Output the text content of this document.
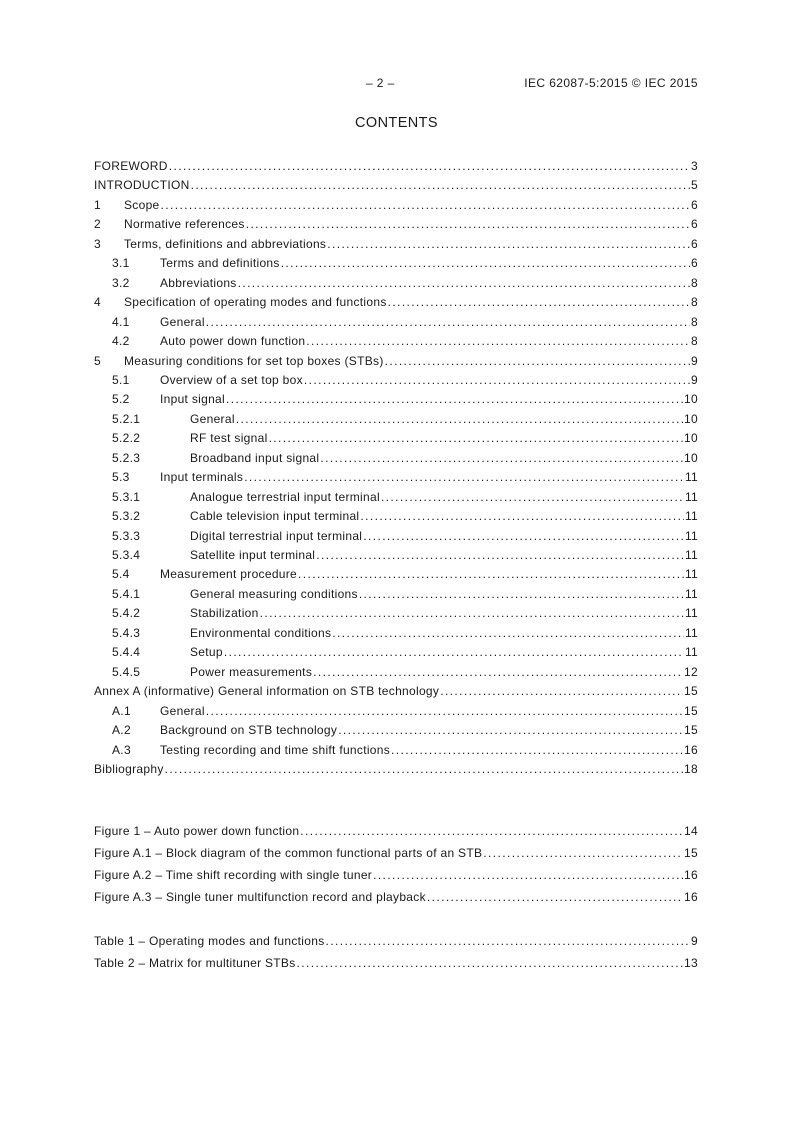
– 2 –	IEC 62087-5:2015 © IEC 2015
CONTENTS
FOREWORD .....	3
INTRODUCTION .....	5
1	Scope .....	6
2	Normative references .....	6
3	Terms, definitions and abbreviations .....	6
3.1	Terms and definitions .....	6
3.2	Abbreviations .....	8
4	Specification of operating modes and functions .....	8
4.1	General .....	8
4.2	Auto power down function .....	8
5	Measuring conditions for set top boxes (STBs) .....	9
5.1	Overview of a set top box .....	9
5.2	Input signal .....	10
5.2.1	General .....	10
5.2.2	RF test signal .....	10
5.2.3	Broadband input signal .....	10
5.3	Input terminals .....	11
5.3.1	Analogue terrestrial input terminal .....	11
5.3.2	Cable television input terminal .....	11
5.3.3	Digital terrestrial input terminal .....	11
5.3.4	Satellite input terminal .....	11
5.4	Measurement procedure .....	11
5.4.1	General measuring conditions .....	11
5.4.2	Stabilization .....	11
5.4.3	Environmental conditions .....	11
5.4.4	Setup .....	11
5.4.5	Power measurements .....	12
Annex A (informative) General information on STB technology .....	15
A.1	General .....	15
A.2	Background on STB technology .....	15
A.3	Testing recording and time shift functions .....	16
Bibliography .....	18
Figure 1 – Auto power down function .....	14
Figure A.1 – Block diagram of the common functional parts of an STB .....	15
Figure A.2 – Time shift recording with single tuner .....	16
Figure A.3 – Single tuner multifunction record and playback .....	16
Table 1 – Operating modes and functions .....	9
Table 2 – Matrix for multituner STBs .....	13
